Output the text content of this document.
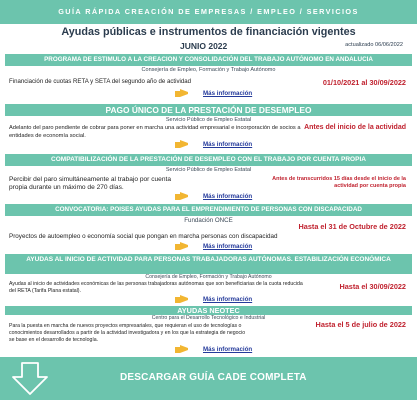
GUÍA RÁPIDA CREACIÓN DE EMPRESAS / EMPLEO / SERVICIOS
Ayudas públicas e instrumentos de financiación vigentes
JUNIO 2022	actualizado 06/06/2022
PROGRAMA DE ESTIMULO A LA CREACION Y CONSOLIDACIÓN DEL TRABAJO AUTÓNOMO EN ANDALUCIA
Consejería de Empleo, Formación y Trabajo Autónomo
Financiación de cuotas RETA y SETA del segundo año de actividad	01/10/2021 al 30/09/2022
Más información
PAGO ÚNICO DE LA PRESTACIÓN DE DESEMPLEO
Servicio Público de Empleo Estatal
Adelanto del paro pendiente de cobrar para poner en marcha una actividad empresarial e incorporación de socios a entidades de economía social.
Antes del inicio de la actividad
Más información
COMPATIBILIZACIÓN DE LA PRESTACIÓN DE DESEMPLEO CON EL TRABAJO POR CUENTA PROPIA
Servicio Público de Empleo Estatal
Percibir del paro simultáneamente al trabajo por cuenta propia durante un máximo de 270 días.
Antes de transcurridos 15 días desde el inicio de la actividad por cuenta propia
Más información
CONVOCATORIA: POISES AYUDAS PARA EL EMPRENDIMIENTO DE PERSONAS CON DISCAPACIDAD
Fundación ONCE
Hasta el 31 de Octubre de 2022
Proyectos de autoempleo o economía social que pongan en marcha personas con discapacidad
Más información
AYUDAS AL INICIO DE ACTIVIDAD PARA PERSONAS TRABAJADORAS AUTÓNOMAS. ESTABILIZACIÓN ECONÓMICA
Consejería de Empleo, Formación y Trabajo Autónomo
Ayudas al inicio de actividades económicas de las personas trabajadoras autónomas que son beneficiarias de la cuota reducida del RETA (Tarifa Plana estatal).	Hasta el 30/09/2022
Más información
AYUDAS NEOTEC
Centro para el Desarrollo Tecnológico e Industrial
Para la puesta en marcha de nuevos proyectos empresariales, que requieran el uso de tecnologías o conocimientos desarrollados a partir de la actividad investigadora y en los que la estrategia de negocio se base en el desarrollo de tecnología.
Hasta el 5 de julio de 2022
Más información
DESCARGAR GUÍA CADE COMPLETA
